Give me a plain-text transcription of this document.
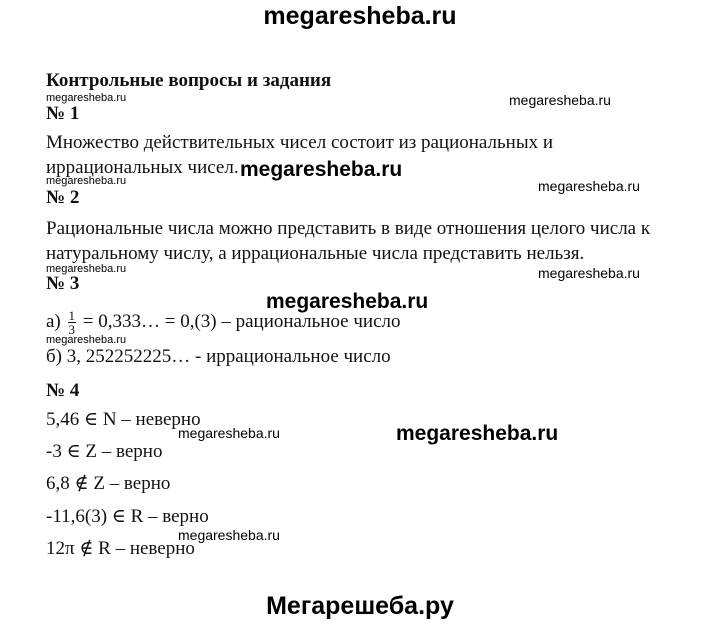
megaresheba.ru
Контрольные вопросы и задания
megaresheba.ru	megaresheba.ru
№ 1
Множество действительных чисел состоит из рациональных и
иррациональных чисел. megaresheba.ru
megaresheba.ru	megaresheba.ru
№ 2
Рациональные числа можно представить в виде отношения целого числа к
натуральному числу, а иррациональные числа представить нельзя.
megaresheba.ru	megaresheba.ru
№ 3
megaresheba.ru
$а) \frac{1}{3}$ = 0,333… = 0,(3) – рациональное число
megaresheba.ru
б) 3, 252252225… - иррациональное число
№ 4
5,46 ∈ N – неверно
megaresheba.ru	megaresheba.ru
-3 ∈ Z – верно
6,8 ∉ Z – верно
-11,6(3) ∈ R – верно
megaresheba.ru
12π ∉ R – неверно
Мегарешеба.ру
